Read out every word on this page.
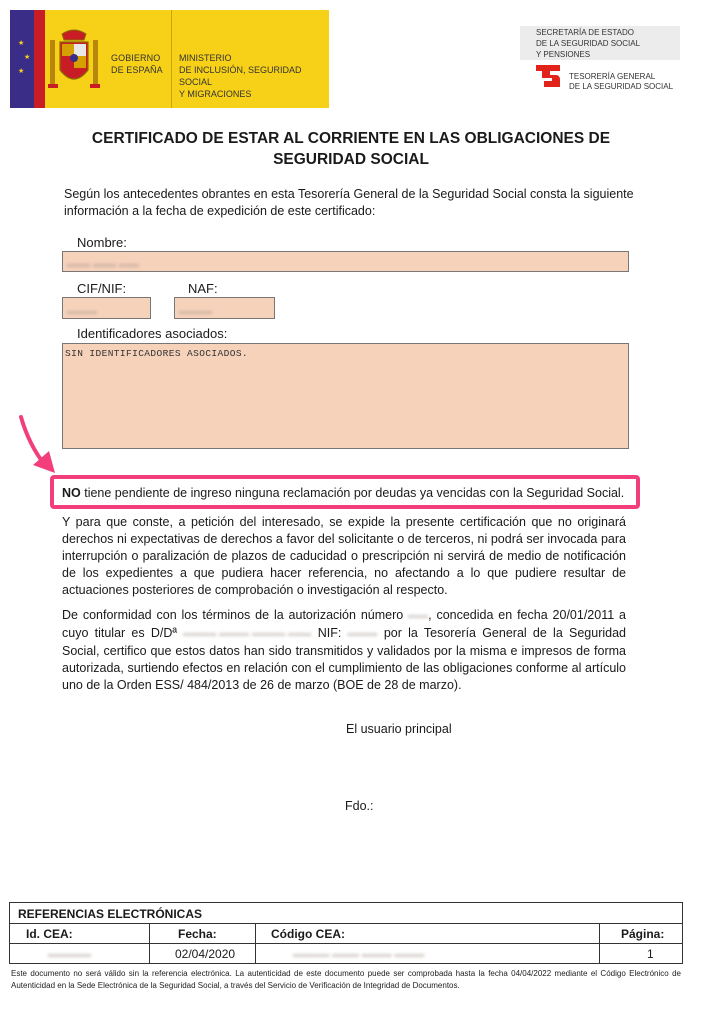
★
★
★
GOBIERNO
DE ESPAÑA
MINISTERIO
DE INCLUSIÓN, SEGURIDAD SOCIAL
Y MIGRACIONES
SECRETARÍA DE ESTADO
DE LA SEGURIDAD SOCIAL
Y PENSIONES
TESORERÍA GENERAL
DE LA SEGURIDAD SOCIAL
CERTIFICADO DE ESTAR AL CORRIENTE EN LAS OBLIGACIONES DE
SEGURIDAD SOCIAL
Según los antecedentes obrantes en esta Tesorería General de la Seguridad Social consta la siguiente información a la fecha de expedición de este certificado:
Nombre:
▪▪▪▪▪▪▪ ▪▪▪▪▪▪▪ ▪▪▪▪▪▪
CIF/NIF:	NAF:
▪▪▪▪▪▪▪▪▪	▪▪▪▪▪▪▪▪▪▪
Identificadores asociados:
SIN IDENTIFICADORES ASOCIADOS.
NO tiene pendiente de ingreso ninguna reclamación por deudas ya vencidas con la Seguridad Social.
Y para que conste, a petición del interesado, se expide la presente certificación que no originará derechos ni expectativas de derechos a favor del solicitante o de terceros, ni podrá ser invocada para interrupción o paralización de plazos de caducidad o prescripción ni servirá de medio de notificación de los expedientes a que pudiera hacer referencia, no afectando a lo que pudiere resultar de actuaciones posteriores de comprobación o investigación al respecto.
De conformidad con los términos de la autorización número ▪▪▪▪▪▪, concedida en fecha 20/01/2011 a cuyo titular es D/Dª ▪▪▪▪▪▪▪▪▪▪ ▪▪▪▪▪▪▪▪▪ ▪▪▪▪▪▪▪▪▪▪ ▪▪▪▪▪▪▪ NIF: ▪▪▪▪▪▪▪▪▪ por la Tesorería General de la Seguridad Social, certifico que estos datos han sido transmitidos y validados por la misma e impresos de forma autorizada, surtiendo efectos en relación con el cumplimiento de las obligaciones conforme al artículo uno de la Orden ESS/ 484/2013 de 26 de marzo (BOE de 28 de marzo).
El usuario principal
Fdo.:
REFERENCIAS ELECTRÓNICAS
Id. CEA:	Fecha:	Código CEA:	Página:
▪▪▪▪▪▪▪▪▪▪▪▪▪	02/04/2020	▪▪▪▪▪▪▪▪▪▪▪ ▪▪▪▪▪▪▪▪ ▪▪▪▪▪▪▪▪▪ ▪▪▪▪▪▪▪▪▪	1
Este documento no será válido sin la referencia electrónica. La autenticidad de este documento puede ser comprobada hasta la fecha 04/04/2022 mediante el Código Electrónico de Autenticidad en la Sede Electrónica de la Seguridad Social, a través del Servicio de Verificación de Integridad de Documentos.
